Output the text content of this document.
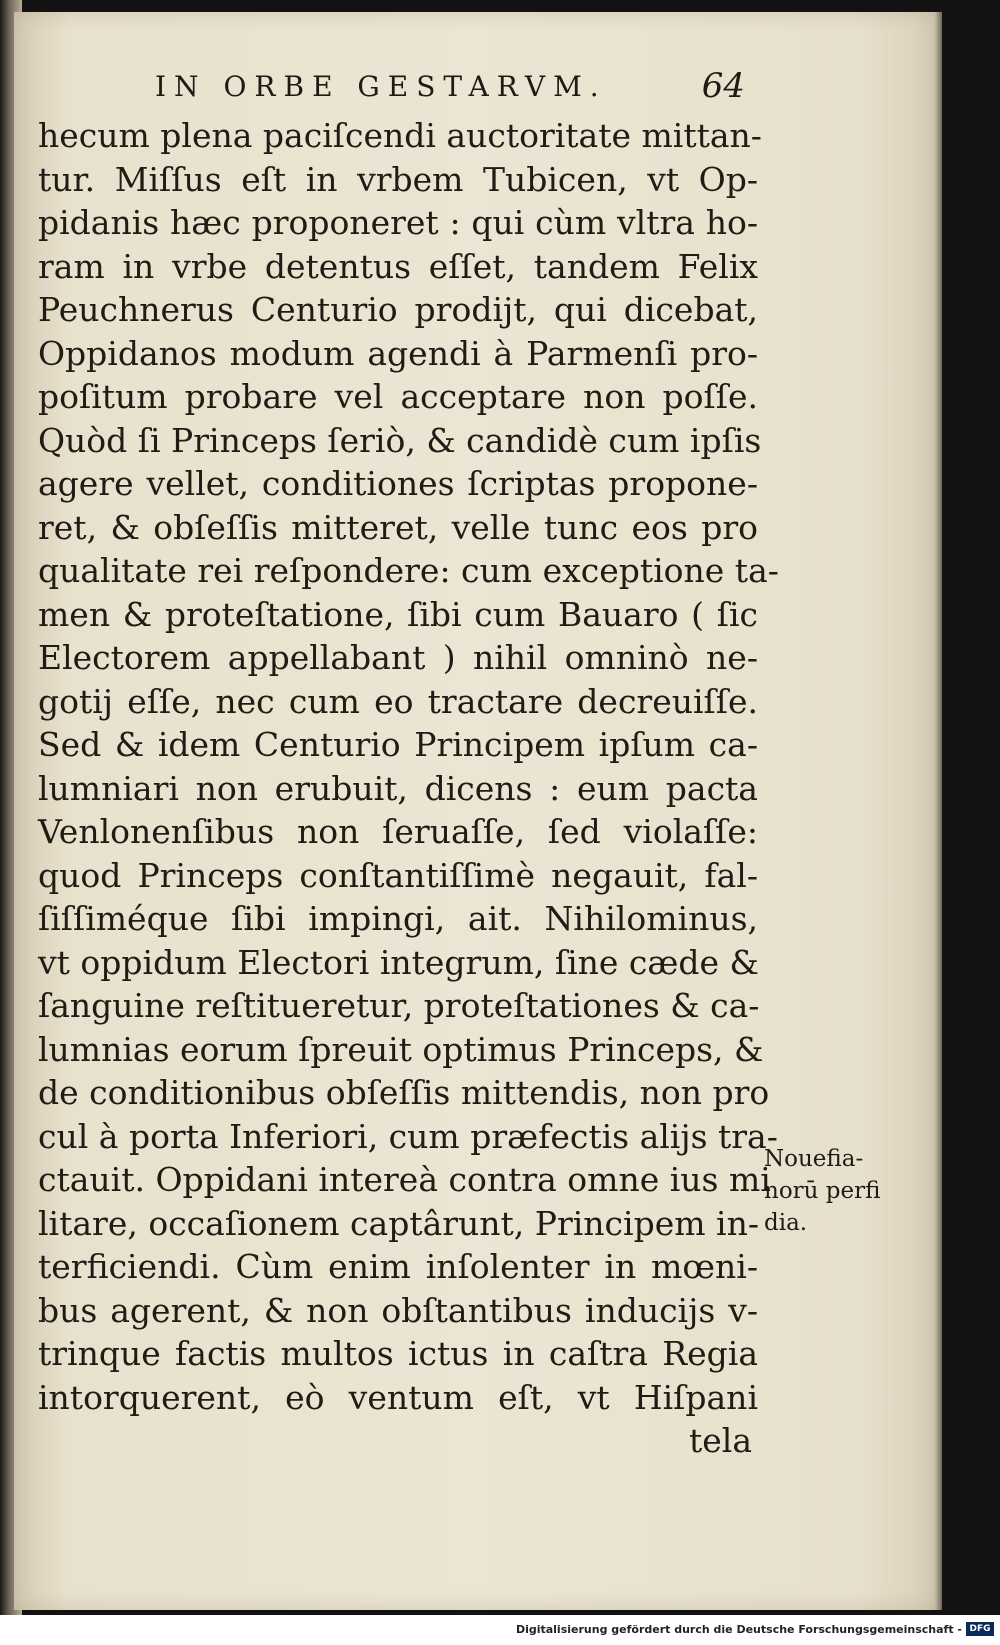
IN ORBE GESTARVM.	64
hecum plena paciſcendi auctoritate mittan-
tur. Miſſus eſt in vrbem Tubicen, vt Op-
pidanis hæc proponeret : qui cùm vltra ho-
ram in vrbe detentus eſſet, tandem Felix
Peuchnerus Centurio prodijt, qui dicebat,
Oppidanos modum agendi à Parmenſi pro-
poſitum probare vel acceptare non poſſe.
Quòd ſi Princeps ſeriò, & candidè cum ipſis
agere vellet, conditiones ſcriptas propone-
ret, & obſeſſis mitteret, velle tunc eos pro
qualitate rei reſpondere: cum exceptione ta-
men & proteſtatione, ſibi cum Bauaro ( ſic
Electorem appellabant ) nihil omninò ne-
gotij eſſe, nec cum eo tractare decreuiſſe.
Sed & idem Centurio Principem ipſum ca-
lumniari non erubuit, dicens : eum pacta
Venlonenſibus non ſeruaſſe, ſed violaſſe:
quod Princeps conſtantiſſimè negauit, fal-
ſiſſiméque ſibi impingi, ait. Nihilominus,
vt oppidum Electori integrum, ſine cæde &
ſanguine reſtitueretur, proteſtationes & ca-
lumnias eorum ſpreuit optimus Princeps, &
de conditionibus obſeſſis mittendis, non pro
cul à porta Inferiori, cum præfectis alijs tra-
ctauit. Oppidani intereà contra omne ius mi
litare, occaſionem captârunt, Principem in-
terficiendi. Cùm enim inſolenter in mœni-
bus agerent, & non obſtantibus inducijs v-
trinque factis multos ictus in caſtra Regia
intorquerent, eò ventum eſt, vt Hiſpani
tela
Nouefia-
norū perfi
dia.
Digitalisierung gefördert durch die Deutsche Forschungsgemeinschaft - DFG
